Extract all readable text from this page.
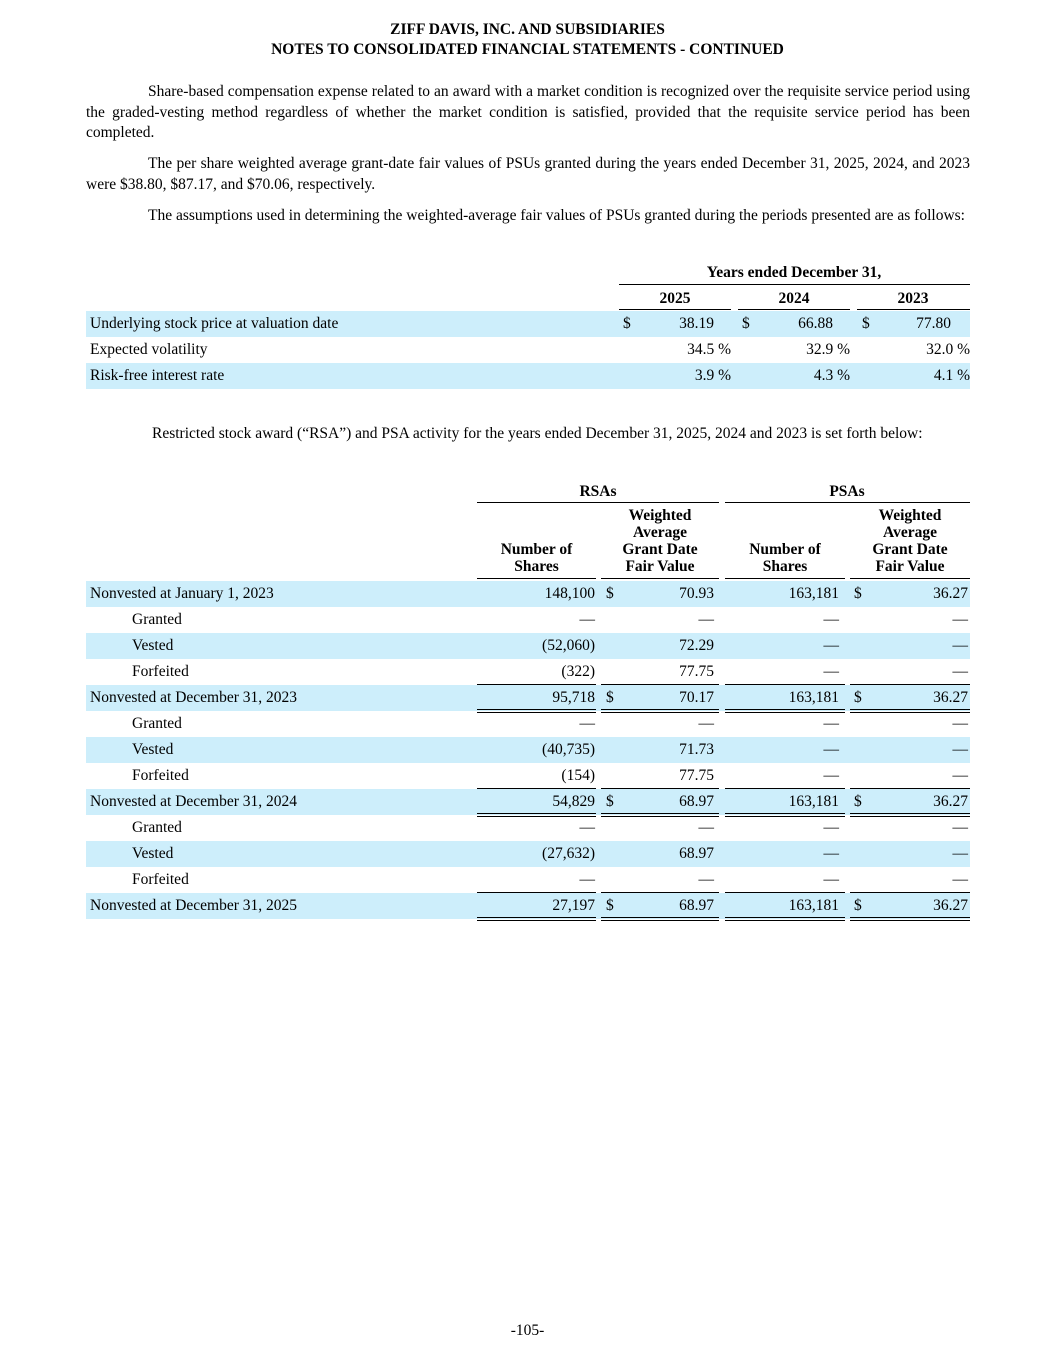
ZIFF DAVIS, INC. AND SUBSIDIARIES
NOTES TO CONSOLIDATED FINANCIAL STATEMENTS - CONTINUED
Share-based compensation expense related to an award with a market condition is recognized over the requisite service period using the graded-vesting method regardless of whether the market condition is satisfied, provided that the requisite service period has been completed.
The per share weighted average grant-date fair values of PSUs granted during the years ended December 31, 2025, 2024, and 2023 were $38.80, $87.17, and $70.06, respectively.
The assumptions used in determining the weighted-average fair values of PSUs granted during the periods presented are as follows:
Years ended December 31,
2025	2024	2023
Underlying stock price at valuation date	$	38.19 $	66.88 $	77.80
Expected volatility	34.5 %	32.9 %	32.0 %
Risk-free interest rate	3.9 %	4.3 %	4.1 %
Restricted stock award (“RSA”) and PSA activity for the years ended December 31, 2025, 2024 and 2023 is set forth below:
RSAs	PSAs
Number of
Shares
Weighted
Average
Grant Date
Fair Value
Number of
Shares
Weighted
Average
Grant Date
Fair Value
Nonvested at January 1, 2023	148,100 $	70.93	163,181 $	36.27
Granted	—	—	—	—
Vested	(52,060)	72.29	—	—
Forfeited	(322)	77.75	—	—
Nonvested at December 31, 2023	95,718 $	70.17	163,181 $	36.27
Granted	—	—	—	—
Vested	(40,735)	71.73	—	—
Forfeited	(154)	77.75	—	—
Nonvested at December 31, 2024	54,829 $	68.97	163,181 $	36.27
Granted	—	—	—	—
Vested	(27,632)	68.97	—	—
Forfeited	—	—	—	—
Nonvested at December 31, 2025	27,197 $	68.97	163,181 $	36.27
-105-
